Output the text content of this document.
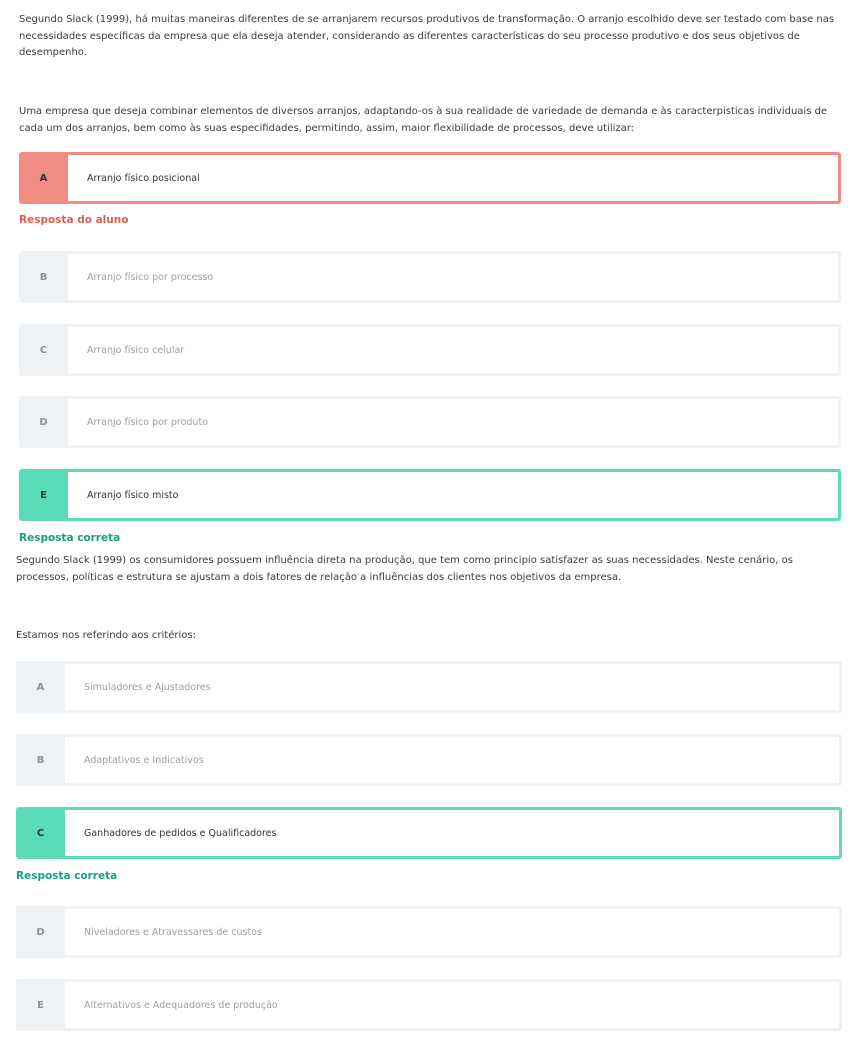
Segundo Slack (1999), há muitas maneiras diferentes de se arranjarem recursos produtivos de transformação. O arranjo escolhido deve ser testado com base nas necessidades específicas da empresa que ela deseja atender, considerando as diferentes características do seu processo produtivo e dos seus objetivos de desempenho.

Uma empresa que deseja combinar elementos de diversos arranjos, adaptando-os à sua realidade de variedade de demanda e às caracterpisticas individuais de cada um dos arranjos, bem como às suas especifidades, permitindo, assim, maior flexibilidade de processos, deve utilizar:

A	Arranjo físico posicional
Resposta do aluno
B	Arranjo físico por processo
C	Arranjo físico celular
D	Arranjo físico por produto
E	Arranjo físico misto
Resposta correta

Segundo Slack (1999) os consumidores possuem influência direta na produção, que tem como principio satisfazer as suas necessidades. Neste cenário, os processos, políticas e estrutura se ajustam a dois fatores de relação a influências dos clientes nos objetivos da empresa.

Estamos nos referindo aos critérios:

A	Simuladores e Ajustadores
B	Adaptativos e Indicativos
C	Ganhadores de pedidos e Qualificadores
Resposta correta
D	Niveladores e Atravessares de custos
E	Alternativos e Adequadores de produção
